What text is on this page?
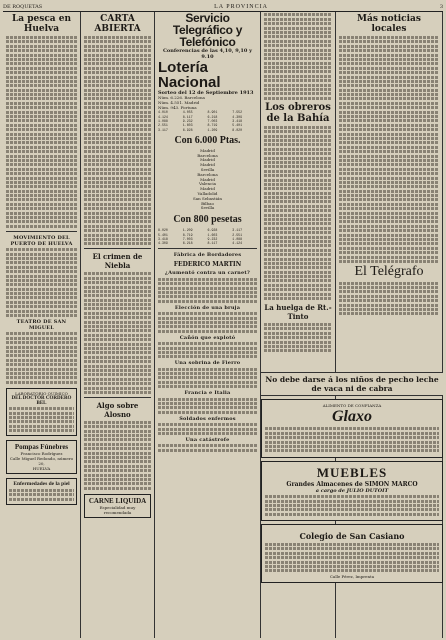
DE ROQUETAS	LA PROVINCIA	3
La pesca en Huelva
MOVIMIENTO DEL PUERTO DE HUELVA
TEATRO DE SAN MIGUEL
LABORATORIO QUIMICO
DEL DOCTOR CORDERO BEL
Pompas Fúnebres
Francisco Rodríguez
Calle Miguel Redondo, número 20,
HUELVA
Enfermedades de la piel
CARTA ABIERTA
El crimen de Niebla
Algo sobre Alosno
CARNE LIQUIDA
Especialidad muy recomendada
Servicio Telegráfico y Telefónico
Conferencias de las 4,10, 9,10 y 9.10
Lotería Nacional
Sorteo del 12 de Septiembre 1913
Núm. 6.226. Barcelona
Núm. 4.551. Madrid
Núm. 943. Fortuna
4.010	4.055	8.901	7.552
4.124	8.117	6.218	4.309
1.088	9.232	7.003	3.418
2.551	1.603	8.719	5.401
3.117	6.928	1.209	8.020
Con 6.000 Ptas.
Madrid
Barcelona
Madrid
Madrid
Sevilla
Barcelona
Madrid
Valencia
Madrid
Valladolid
San Sebastián
Bilbao
Sevilla
Con 800 pesetas
8.020	1.209	6.928	3.117
5.401	8.719	1.603	2.551
3.418	7.003	9.232	1.088
4.309	6.218	8.117	4.124
Fábrica de Bordadores
FEDERICO MARTIN
¿Aumentó contra un carnet?
Elección de una bruja
Cañón que explotó
Una sobrina de Fierro
Francia e Italia
Soldados enfermos
Una catástrofe
Los obreros de la Bahía
La huelga de Rt.-Tinto
Más noticias locales
El Telégrafo
No debe darse á los niños de pecho leche de vaca ni de cabra
ALIMENTO DE CONFIANZA
Glaxo
MUEBLES
Grandes Almacenes de SIMON MARCO
a cargo de JULIO DUTOIT
Colegio de San Casiano
Calle Pérez, Imprenta
